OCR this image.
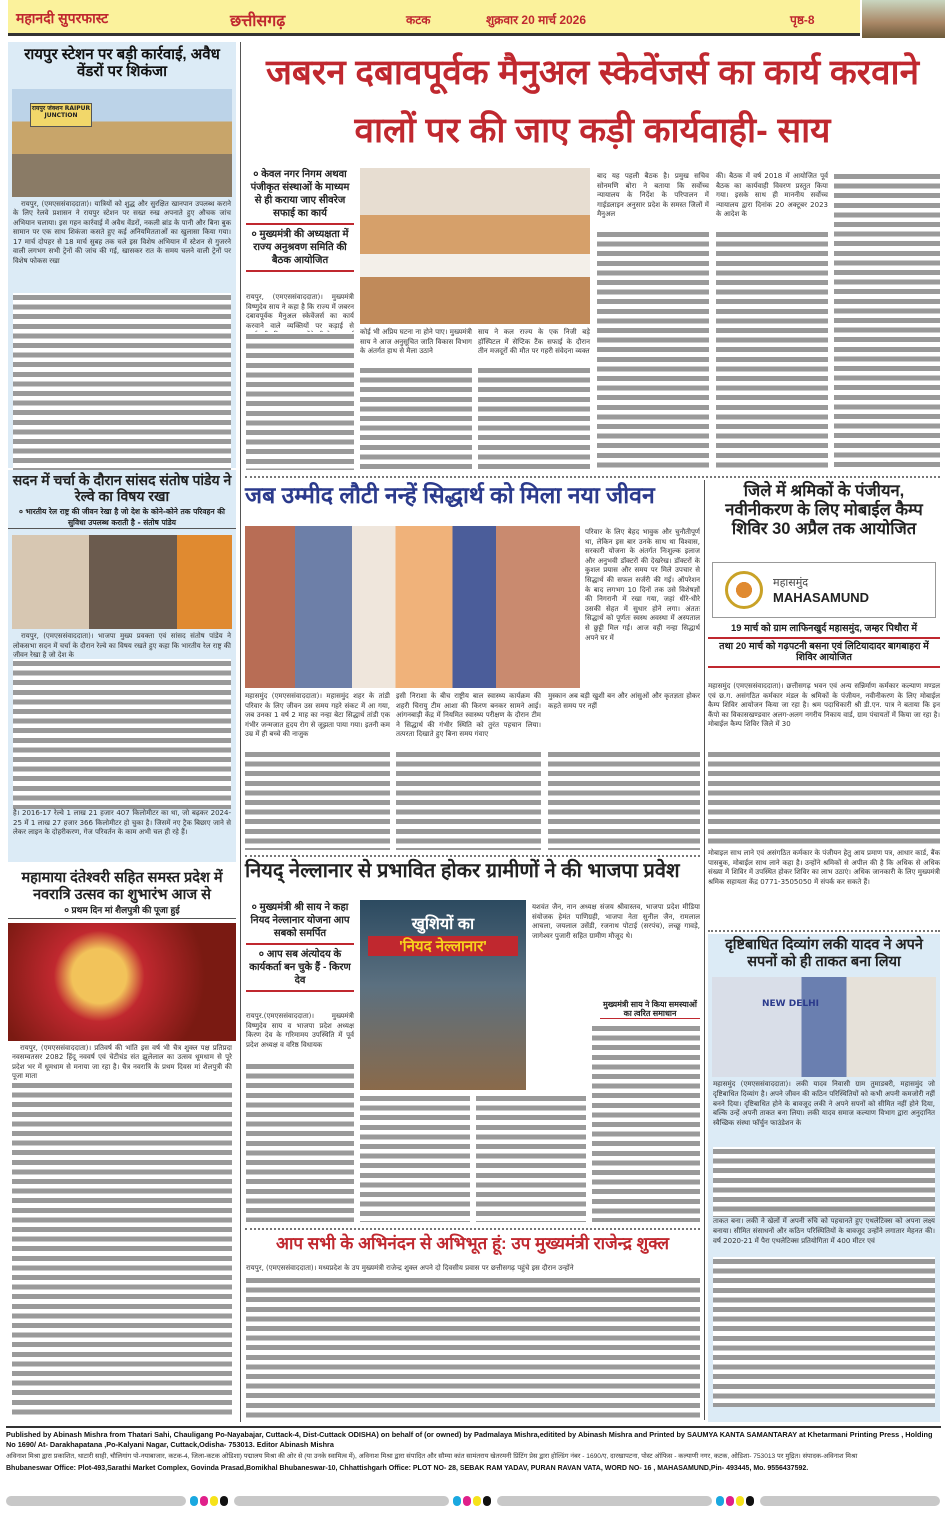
महानदी सुपरफास्ट	छत्तीसगढ़	कटक	शुक्रवार 20 मार्च 2026	पृष्ठ-8
रायपुर स्टेशन पर बड़ी कार्रवाई, अवैध वेंडरों पर शिकंजा
रायपुर जंक्शन RAIPUR JUNCTION

रायपुर, (एमएससंवाददाता)। यात्रियों को शुद्ध और सुरक्षित खानपान उपलब्ध कराने के लिए रेलवे प्रशासन ने रायपुर स्टेशन पर सख्त रुख अपनाते हुए औचक जांच अभियान चलाया। इस गहन कार्रवाई में अवैध वेंडरों, नकली ब्रांड के पानी और बिना बुक सामान पर एक साथ शिकंजा कसते हुए कई अनियमितताओं का खुलासा किया गया। 17 मार्च दोपहर से 18 मार्च सुबह तक चले इस विशेष अभियान में स्टेशन से गुजरने वाली लगभग सभी ट्रेनों की जांच की गई, खासकर रात के समय चलने वाली ट्रेनों पर विशेष फोकस रखा

सदन में चर्चा के दौरान सांसद संतोष पांडेय ने रेल्वे का विषय रखा
० भारतीय रेल राष्ट्र की जीवन रेखा है जो देश के कोने-कोने तक परिवहन की सुविधा उपलब्ध कराती है - संतोष पांडेय

रायपुर, (एमएससंवाददाता)। भाजपा मुख्य प्रवक्ता एवं सांसद संतोष पांडेय ने लोकसभा सदन में चर्चा के दौरान रेल्वे का विषय रखते हुए कहा कि भारतीय रेल राष्ट्र की जीवन रेखा है जो देश के

है। 2016-17 रेल्वे 1 लाख 21 हजार 407 किलोमीटर का था, जो बढ़कर 2024-25 में 1 लाख 27 हजार 366 किलोमीटर हो चुका है। जिसमें नए ट्रैक बिछाए जाने से लेकर लाइन के दोहरीकरण, गेज परिवर्तन के काम अभी चल ही रहे हैं।
महामाया दंतेश्वरी सहित समस्त प्रदेश में नवरात्रि उत्सव का शुभारंभ आज से
० प्रथम दिन मां शैलपुत्री की पूजा हुई

रायपुर, (एमएससंवाददाता)। प्रतिवर्ष की भांति इस वर्ष भी चैत्र शुक्ल पक्ष प्रतिप्रदा नवसम्वतसर 2082 हिंदू नववर्ष एवं चेटीचंड संत झूलेलाल का उत्सव धूमधाम से पूरे प्रदेश भर में धूमधाम से मनाया जा रहा है। चैत्र नवरात्रि के प्रथम दिवस मां शैलपुत्री की पूजा माता

जबरन दबावपूर्वक मैनुअल स्केवेंजर्स का कार्य करवाने
वालों पर की जाए कड़ी कार्यवाही- साय
० केवल नगर निगम अथवा पंजीकृत संस्थाओं के माध्यम से ही कराया जाए सीवरेज सफाई का कार्य
० मुख्यमंत्री की अध्यक्षता में राज्य अनुश्रवण समिति की बैठक आयोजित
रायपुर, (एमएससंवाददाता)। मुख्यमंत्री विष्णुदेव साय ने कहा है कि राज्य में जबरन दबावपूर्वक मैनुअल स्केवेंजर्स का कार्य करवाने वाले व्यक्तियों पर कड़ाई से
कोई भी अप्रिय घटना ना होने पाए। मुख्यमंत्री साय ने आज अनुसूचित जाति विकास विभाग के अंतर्गत हाथ से मैला उठाने
साय ने कल राज्य के एक निजी बड़े हॉस्पिटल में सेप्टिक टैंक सफाई के दौरान तीन मजदूरों की मौत पर गहरी संवेदना व्यक्त
बाद यह पहली बैठक है। प्रमुख सचिव सोनमणि बोरा ने बताया कि सर्वोच्च न्यायालय के निर्देश के परिपालन में गाईडलाइन अनुसार प्रदेश के समस्त जिलों में मैनुअल
की। बैठक में वर्ष 2018 में आयोजित पूर्व बैठक का कार्यवाही विवरण प्रस्तुत किया गया। इसके साथ ही माननीय सर्वोच्च न्यायालय द्वारा दिनांक 20 अक्टूबर 2023 के आदेश के
जब उम्मीद लौटी नन्हें सिद्धार्थ को मिला नया जीवन
परिवार के लिए बेहद भावुक और चुनौतीपूर्ण था, लेकिन इस बार उनके साथ था विश्वास, सरकारी योजना के अंतर्गत निःशुल्क इलाज और अनुभवी डॉक्टरों की देखरेख। डॉक्टरों के कुशल प्रयास और समय पर मिले उपचार से सिद्धार्थ की सफल सर्जरी की गई। ऑपरेशन के बाद लगभग 10 दिनों तक उसे विशेषज्ञों की निगरानी में रखा गया, जहां धीरे-धीरे उसकी सेहत में सुधार होने लगा। अंततः सिद्धार्थ को पूर्णतः स्वस्थ अवस्था में अस्पताल से छुट्टी मिल गई। आज वही नन्हा सिद्धार्थ अपने घर में
महासमुंद (एमएससंवाददाता)। महासमुंद शहर के तांडी परिवार के लिए जीवन उस समय गहरे संकट में आ गया, जब उनका 1 वर्ष 2 माह का नन्हा बेटा सिद्धार्थ तांडी एक गंभीर जन्मजात हृदय रोग से जूझता पाया गया। इतनी कम उम्र में ही बच्चे की नाजुक
इसी निराशा के बीच राष्ट्रीय बाल स्वास्थ्य कार्यक्रम की शहरी चिरायु टीम आशा की किरण बनकर सामने आई। आंगनबाड़ी केंद्र में नियमित स्वास्थ्य परीक्षण के दौरान टीम ने सिद्धार्थ की गंभीर स्थिति को तुरंत पहचान लिया। तत्परता दिखाते हुए बिना समय गंवाए
मुस्कान अब बड़ी खुशी बन और आंसुओं और कृतज्ञता होकर कहते समय पर नहीं
जिले में श्रमिकों के पंजीयन, नवीनीकरण के लिए मोबाईल कैम्प शिविर 30 अप्रैल तक आयोजित
महासमुंद
MAHASAMUND
19 मार्च को ग्राम लाफिनखुर्द महासमुंद, जम्हर पिथौरा में
तथा 20 मार्च को गढ़पटनी बसना एवं लिटियादादर बागबाहरा में शिविर आयोजित
महासमुंद (एमएससंवाददाता)। छत्तीसगढ़ भवन एवं अन्य सन्निर्माण कर्मकार कल्याण मण्डल एवं छ.ग. असंगठित कर्मकार मंडल के श्रमिकों के पंजीयन, नवीनीकरण के लिए मोबाईल कैम्प शिविर आयोजन किया जा रहा है। श्रम पदाधिकारी श्री डी.एन. पात्र ने बताया कि इन कैंपो का विकासखण्डवार अलग-अलग नगरीय निकाय वार्ड, ग्राम पंचायतों में किया जा रहा है। मोबाईल कैम्प शिविर जिले में 30
मोबाइल साथ लाने एवं असंगठित कर्मकार के पंजीयन हेतु आय प्रमाण पत्र, आधार कार्ड, बैंक पासबुक, मोबाईल साथ लाने कहा है। उन्होंने श्रमिकों से अपील की है कि अधिक से अधिक संख्या में शिविर में उपस्थित होकर शिविर का लाभ उठाएं। अधिक जानकारी के लिए मुख्यमंत्री श्रमिक सहायता केंद्र 0771-3505050 में संपर्क कर सकते हैं।
नियद् नेल्लानार से प्रभावित होकर ग्रामीणों ने की भाजपा प्रवेश
० मुख्यमंत्री श्री साय ने कहा नियद नेल्लानार योजना आप सबको समर्पित
० आप सब अंत्योदय के कार्यकर्ता बन चुके हैं - किरण देव
खुशियों का
'नियद नेल्लानार'
यशवंत जैन, नान अध्यक्ष संजय श्रीवास्तव, भाजपा प्रदेश मीडिया संयोजक हेमंत पाणिग्रही, भाजपा नेता सुनील जैन, रामलाल आचला, जयलाल उसेंडी, रजनाथ पोटाई (सरपंच), लच्छू गावड़े, जागेश्वर पुजारी सहित ग्रामीण मौजूद थे।
मुख्यमंत्री साय ने किया समस्याओं का त्वरित समाधान
रायपुर.(एमएससंवाददाता)। मुख्यमंत्री विष्णुदेव साय व भाजपा प्रदेश अध्यक्ष किरण देव के गरिमामय उपस्थिति में पूर्व प्रदेश अध्यक्ष व वरिष्ठ विधायक
दृष्टिबाधित दिव्यांग लकी यादव ने अपने सपनों को ही ताकत बना लिया
NEW DELHI
महासमुंद (एमएससंवाददाता)। लकी यादव निवासी ग्राम तुमाडबरी, महासमुंद जो दृष्टिबाधित दिव्यांग है। अपने जीवन की कठिन परिस्थितियों को कभी अपनी कमजोरी नहीं बनने दिया। दृष्टिबाधित होने के बावजूद लकी ने अपने सपनों को सीमित नहीं होने दिया, बल्कि उन्हें अपनी ताकत बना लिया। लकी यादव समाज कल्याण विभाग द्वारा अनुदानित स्वैच्छिक संस्था फॉर्चुन फाउंडेशन के
ताकत बना। लकी ने खेलों में अपनी रुचि को पहचानते हुए एथलेटिक्स को अपना लक्ष्य बनाया। सीमित संसाधनों और कठिन परिस्थितियों के बावजूद उन्होंने लगातार मेहनत की। वर्ष 2020-21 में पैरा एथलेटिक्स प्रतियोगिता में 400 मीटर एवं
आप सभी के अभिनंदन से अभिभूत हूं: उप मुख्यमंत्री राजेन्द्र शुक्ल
रायपुर, (एमएससंवाददाता)। मध्यप्रदेश के उप मुख्यमंत्री राजेन्द्र शुक्ल अपने दो दिवसीय प्रवास पर छत्तीसगढ़ पहुंचे इस दौरान उन्होंने
Published by Abinash Mishra from Thatari Sahi, Chauligang Po-Nayabajar, Cuttack-4, Dist-Cuttack ODISHA) on behalf of (or owned) by Padmalaya Mishra,editited by Abinash Mishra and Printed by SAUMYA KANTA SAMANTARAY at Khetarmani Printing Press , Holding No 1690/ At- Darakhapatana ,Po-Kalyani Nagar, Cuttack,Odisha- 753013. Editor Abinash Mishra
अविनाश मिश्रा द्वारा प्रकाशित, थाटारी साही, चौलिगांग पो-नयाबाजार, कटक-4, जिला-कटक ओडिशा) पद्मालय मिश्रा की ओर से (या उनके स्वामित्व में), अविनाश मिश्रा द्वारा संपादित और सौम्या कांत सामंतराय खेतरमनी प्रिंटिंग प्रेस द्वारा होल्डिंग नंबर - 1690/ए, दारखापटना, पोस्ट ऑफिस - कल्याणी नगर, कटक, ओडिशा- 753013 पर मुद्रित। संपादक-अविनाश मिश्रा
Bhubaneswar Office: Plot-493,Sarathi Market Complex, Govinda Prasad,Bomikhal Bhubaneswar-10, Chhattishgarh Office: PLOT NO- 28, SEBAK RAM YADAV, PURAN RAVAN VATA, WORD NO- 16 , MAHASAMUND,Pin- 493445, Mo. 9556437592.
